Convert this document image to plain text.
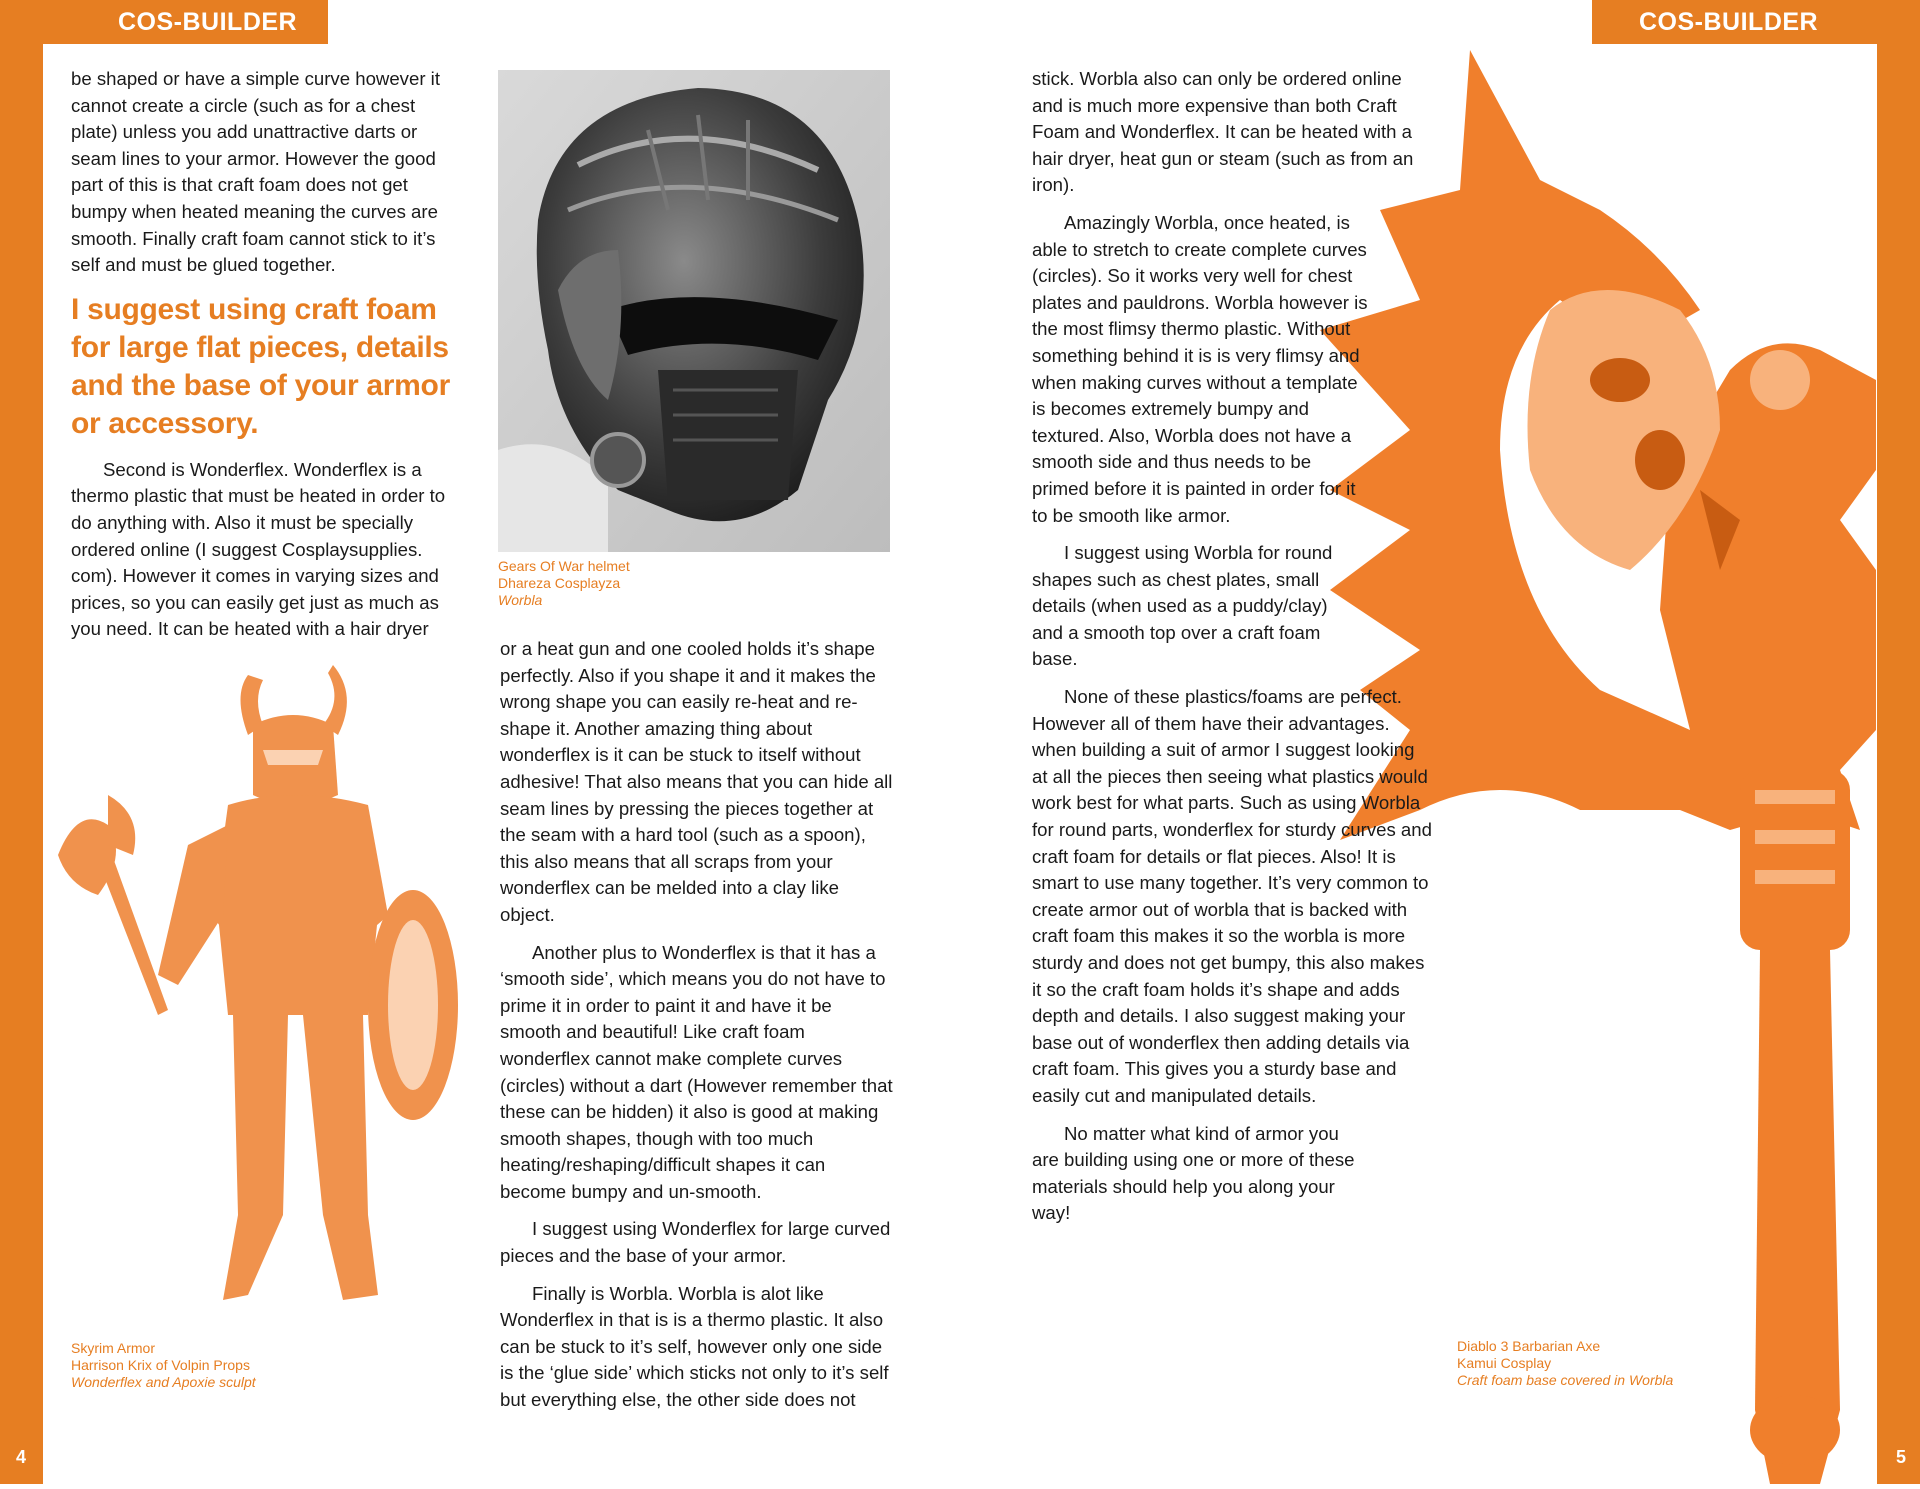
COS-BUILDER	COS-BUILDER
4	5

be shaped or have a simple curve however it cannot create a circle (such as for a chest plate) unless you add unattractive darts or seam lines to your armor. However the good part of this is that craft foam does not get bumpy when heated meaning the curves are smooth. Finally craft foam cannot stick to it’s self and must be glued together.

I suggest using craft foam for large flat pieces, details and the base of your armor or accessory.

Second is Wonderflex. Wonderflex is a thermo plastic that must be heated in order to do anything with. Also it must be specially ordered online (I suggest Cosplaysupplies. com). However it comes in varying sizes and prices, so you can easily get just as much as you need. It can be heated with a hair dryer

Gears Of War helmet
Dhareza Cosplayza
Worbla
Skyrim Armor
Harrison Krix of Volpin Props
Wonderflex and Apoxie sculpt

or a heat gun and one cooled holds it’s shape perfectly. Also if you shape it and it makes the wrong shape you can easily re-heat and re-shape it. Another amazing thing about wonderflex is it can be stuck to itself without adhesive! That also means that you can hide all seam lines by pressing the pieces together at the seam with a hard tool (such as a spoon), this also means that all scraps from your wonderflex can be melded into a clay like object.

Another plus to Wonderflex is that it has a ‘smooth side’, which means you do not have to prime it in order to paint it and have it be smooth and beautiful! Like craft foam wonderflex cannot make complete curves (circles) without a dart (However remember that these can be hidden) it also is good at making smooth shapes, though with too much heating/reshaping/difficult shapes it can become bumpy and un-smooth.

I suggest using Wonderflex for large curved pieces and the base of your armor.

Finally is Worbla. Worbla is alot like Wonderflex in that is is a thermo plastic. It also can be stuck to it’s self, however only one side is the ‘glue side’ which sticks not only to it’s self but everything else, the other side does not

stick. Worbla also can only be ordered online and is much more expensive than both Craft Foam and Wonderflex. It can be heated with a hair dryer, heat gun or steam (such as from an iron).

Amazingly Worbla, once heated, is able to stretch to create complete curves (circles). So it works very well for chest plates and pauldrons. Worbla however is the most flimsy thermo plastic. Without something behind it is is very flimsy and when making curves without a template is becomes extremely bumpy and textured. Also, Worbla does not have a smooth side and thus needs to be primed before it is painted in order for it to be smooth like armor.

I suggest using Worbla for round shapes such as chest plates, small details (when used as a puddy/clay) and a smooth top over a craft foam base.

None of these plastics/foams are perfect. However all of them have their advantages. when building a suit of armor I suggest looking at all the pieces then seeing what plastics would work best for what parts. Such as using Worbla for round parts, wonderflex for sturdy curves and craft foam for details or flat pieces. Also! It is smart to use many together. It’s very common to create armor out of worbla that is backed with craft foam this makes it so the worbla is more sturdy and does not get bumpy, this also makes it so the craft foam holds it’s shape and adds depth and details. I also suggest making your base out of wonderflex then adding details via craft foam. This gives you a sturdy base and easily cut and manipulated details.

No matter what kind of armor you are building using one or more of these materials should help you along your way!

Diablo 3 Barbarian Axe
Kamui Cosplay
Craft foam base covered in Worbla
